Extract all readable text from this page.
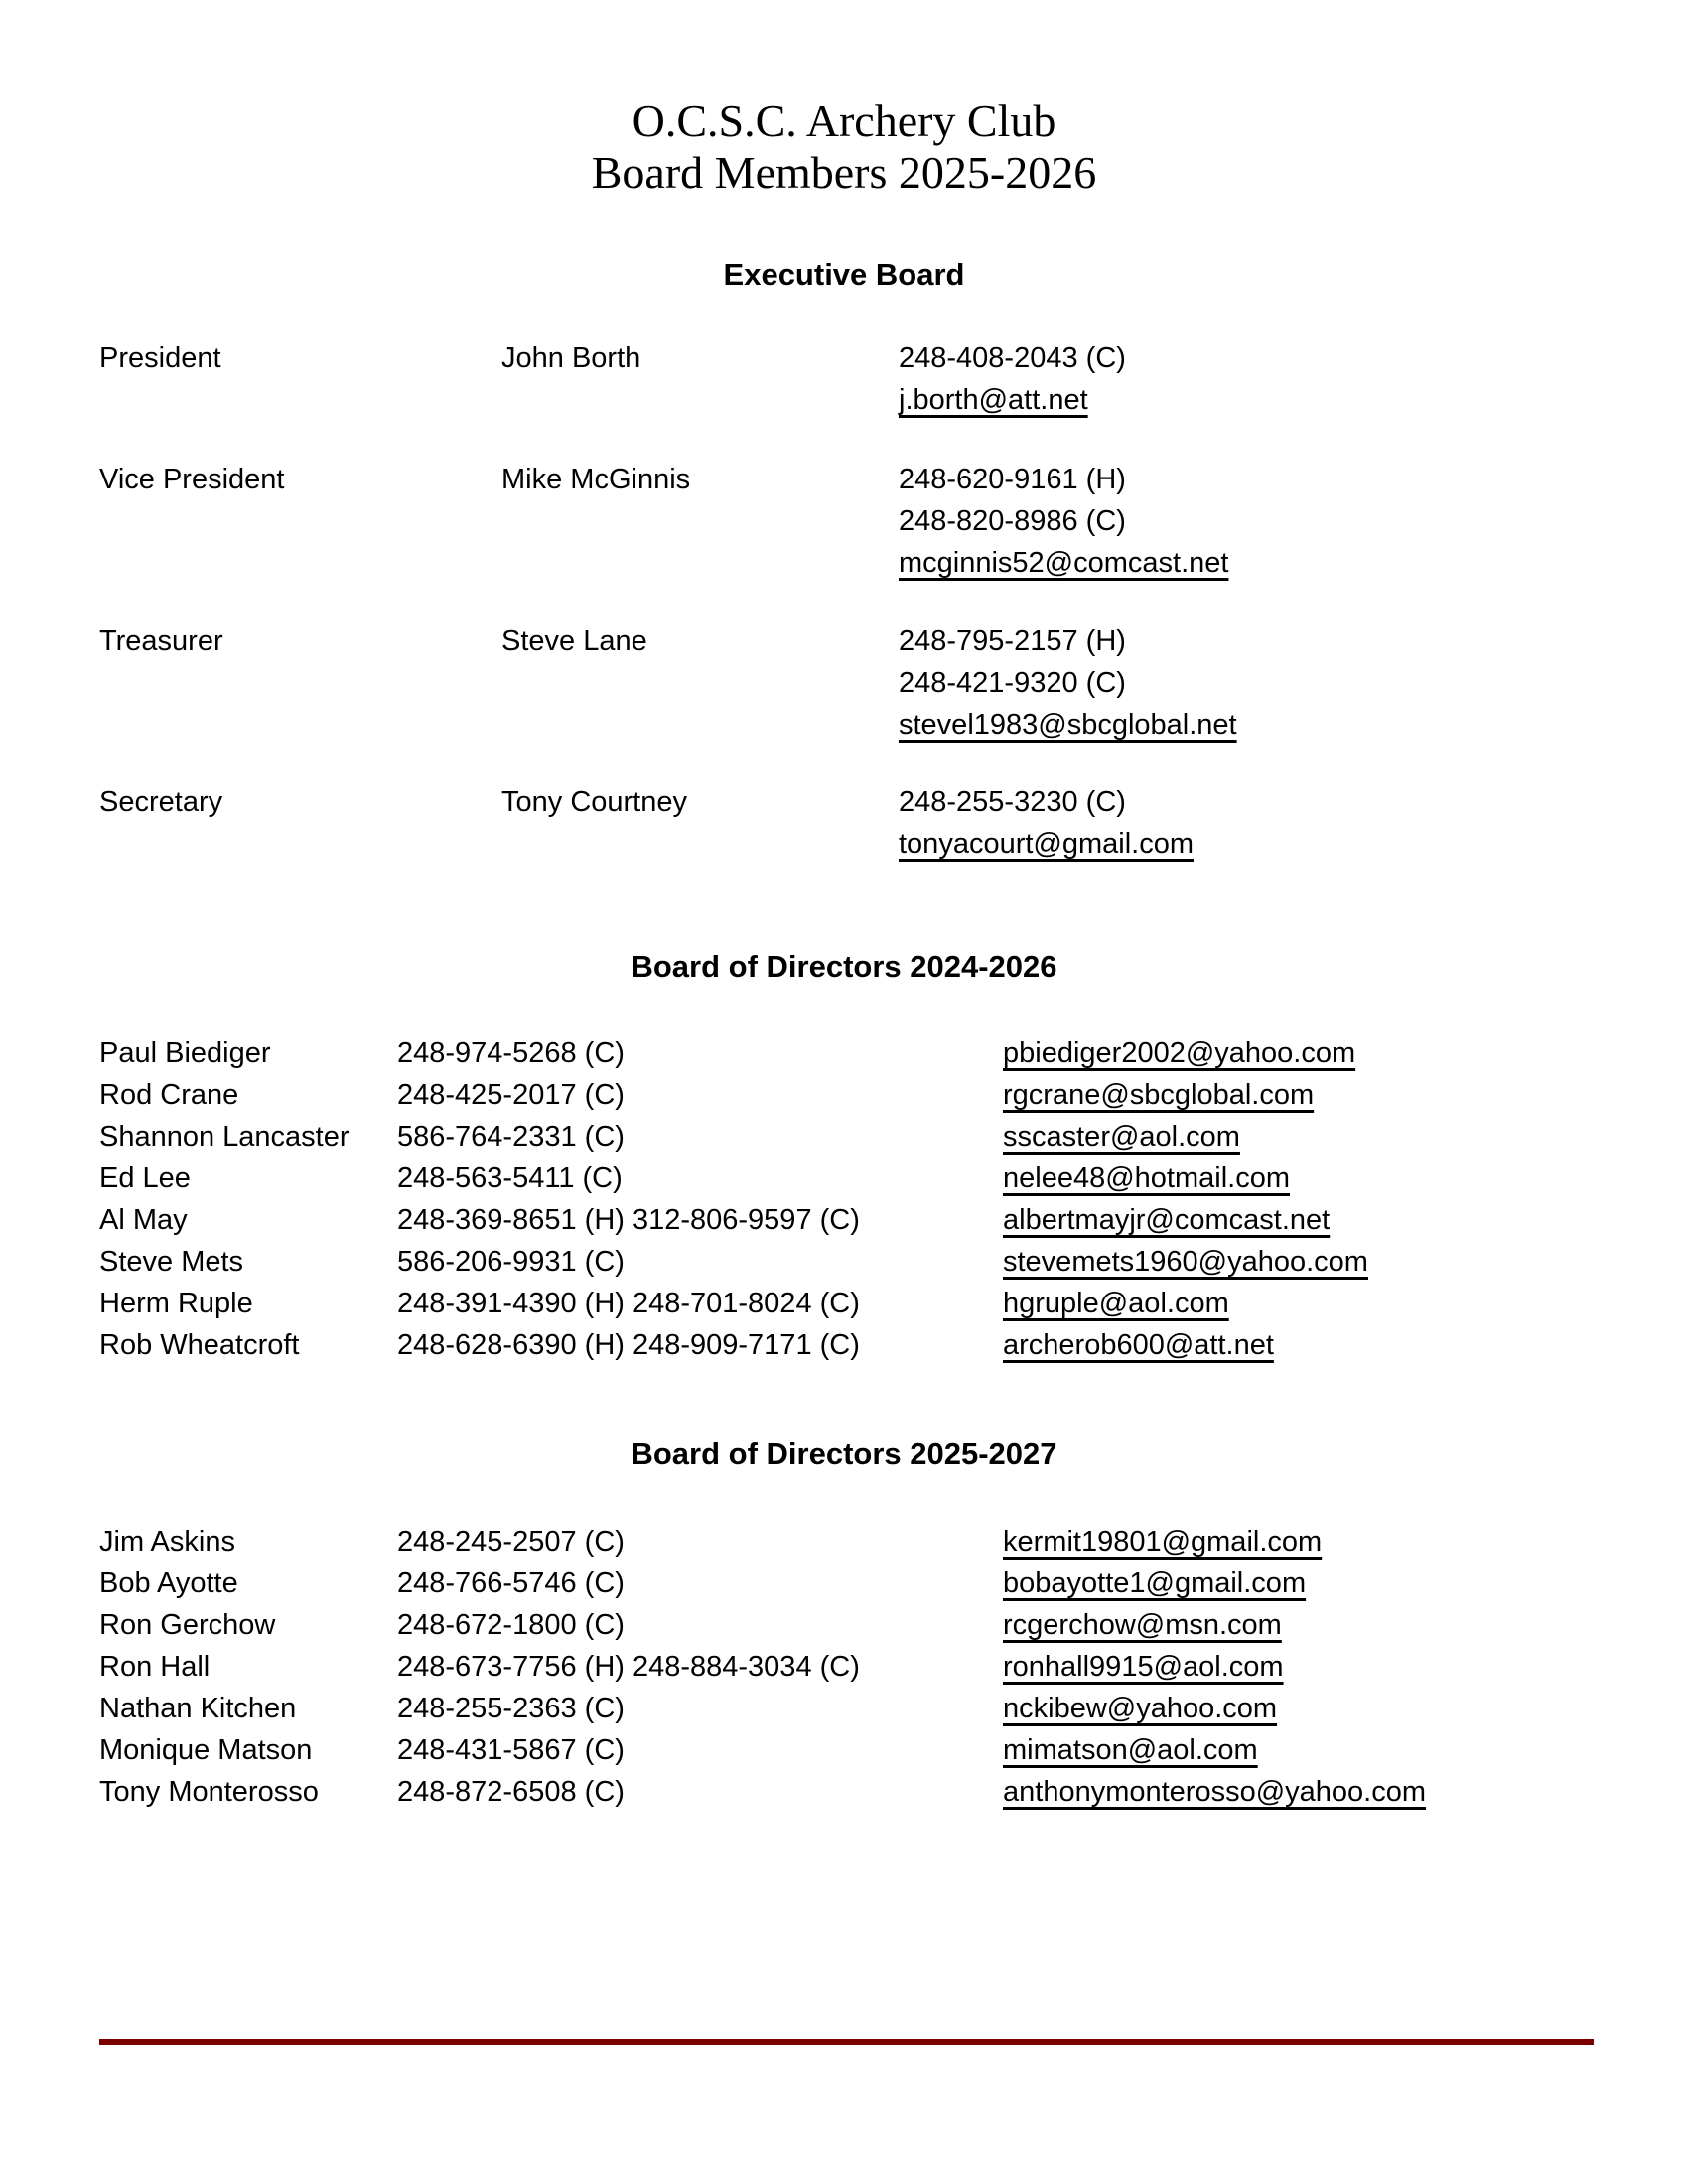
O.C.S.C. Archery Club
Board Members 2025-2026
Executive Board
President	John Borth	248-408-2043 (C)
j.borth@att.net
Vice President	Mike McGinnis	248-620-9161 (H)
248-820-8986 (C)
mcginnis52@comcast.net
Treasurer	Steve Lane	248-795-2157 (H)
248-421-9320 (C)
stevel1983@sbcglobal.net
Secretary	Tony Courtney	248-255-3230 (C)
tonyacourt@gmail.com
Board of Directors 2024-2026
Paul Biediger	248-974-5268 (C)	pbiediger2002@yahoo.com
Rod Crane	248-425-2017 (C)	rgcrane@sbcglobal.com
Shannon Lancaster 586-764-2331 (C)	sscaster@aol.com
Ed Lee	248-563-5411 (C)	nelee48@hotmail.com
Al May	248-369-8651 (H) 312-806-9597 (C)	albertmayjr@comcast.net
Steve Mets	586-206-9931 (C)	stevemets1960@yahoo.com
Herm Ruple	248-391-4390 (H) 248-701-8024 (C)	hgruple@aol.com
Rob Wheatcroft	248-628-6390 (H) 248-909-7171 (C)	archerob600@att.net
Board of Directors 2025-2027
Jim Askins	248-245-2507 (C)	kermit19801@gmail.com
Bob Ayotte	248-766-5746 (C)	bobayotte1@gmail.com
Ron Gerchow	248-672-1800 (C)	rcgerchow@msn.com
Ron Hall	248-673-7756 (H) 248-884-3034 (C)	ronhall9915@aol.com
Nathan Kitchen	248-255-2363 (C)	nckibew@yahoo.com
Monique Matson	248-431-5867 (C)	mimatson@aol.com
Tony Monterosso	248-872-6508 (C)	anthonymonterosso@yahoo.com
